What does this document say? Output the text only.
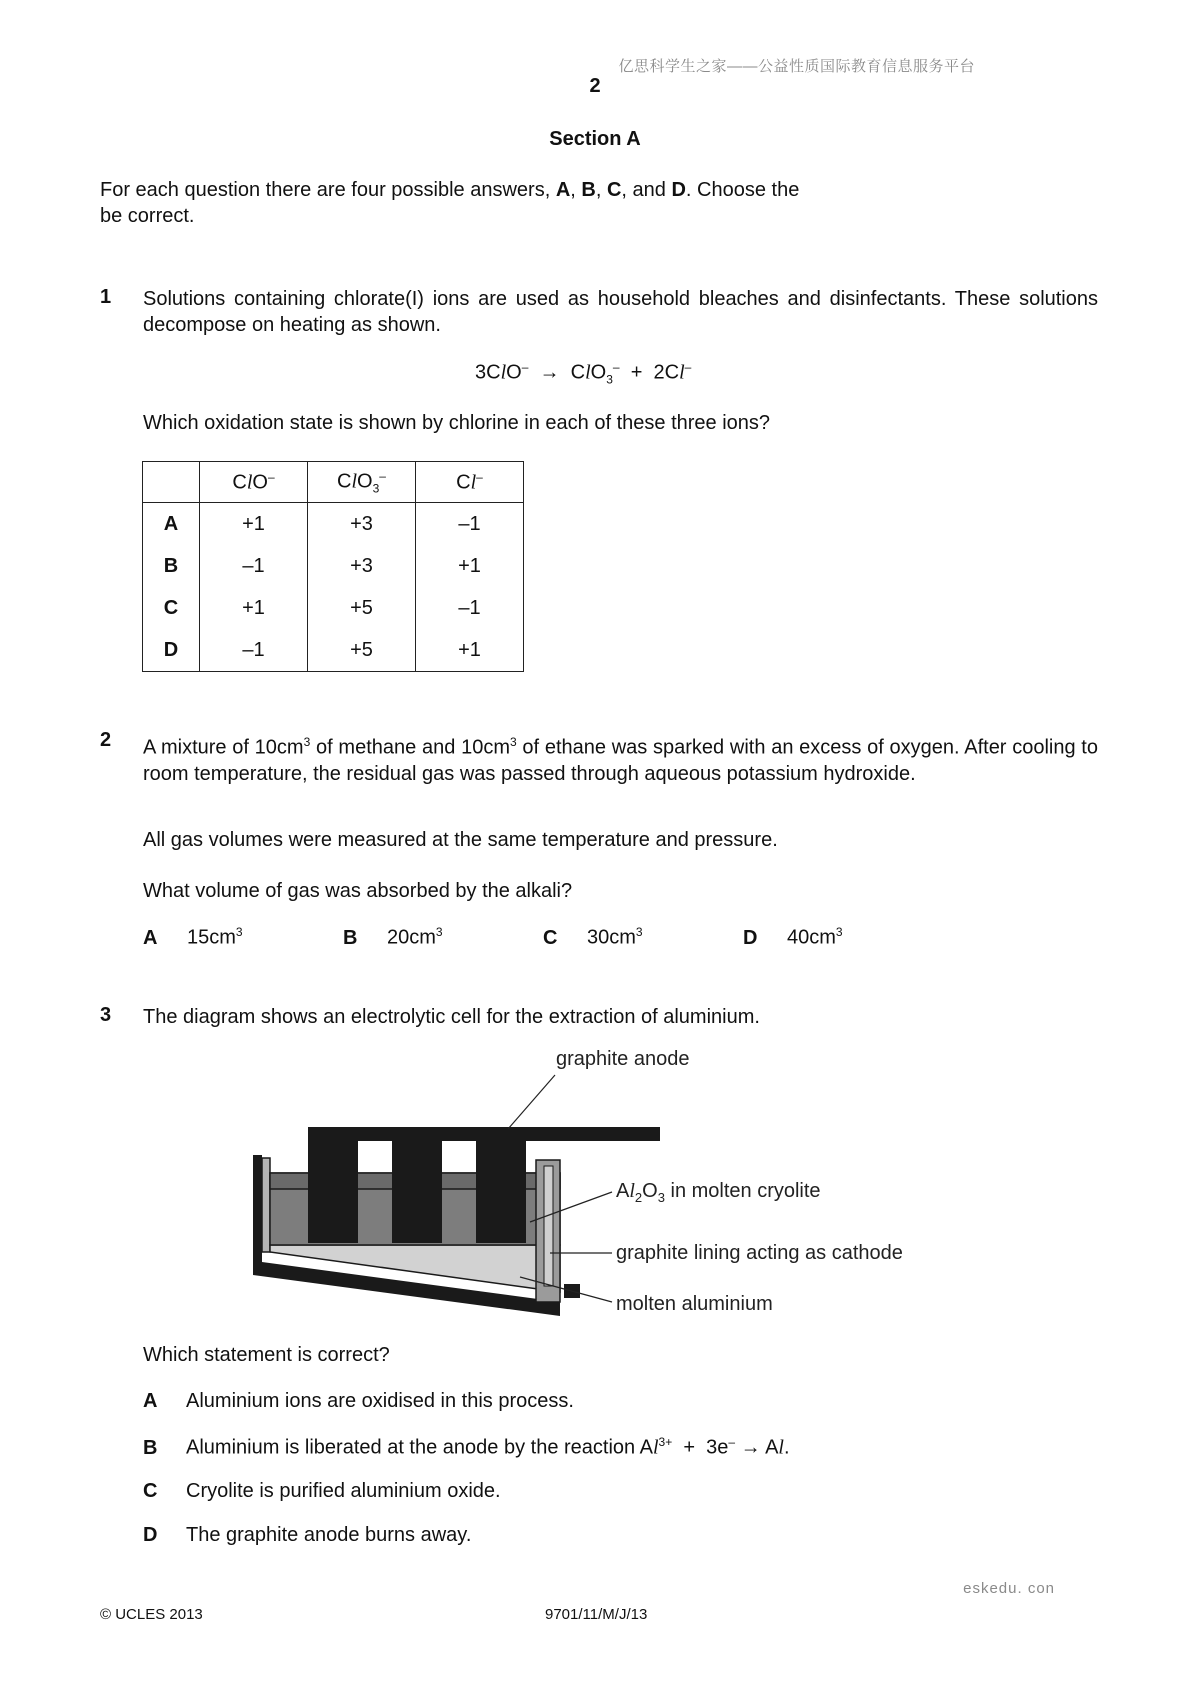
亿思科学生之家——公益性质国际教育信息服务平台
2
Section A
For each question there are four possible answers, A, B, C, and D. Choose the
be correct.
1 Solutions containing chlorate(I) ions are used as household bleaches and disinfectants. These solutions decompose on heating as shown.
3ClO– → ClO$_3$– + 2Cl–
Which oxidation state is shown by chlorine in each of these three ions?
	ClO–	ClO$_3$–	Cl–
A	+1	+3	–1
B	–1	+3	+1
C	+1	+5	–1
D	–1	+5	+1
2 A mixture of $10cm^3$ of methane and $10cm^3$ of ethane was sparked with an excess of oxygen. After cooling to room temperature, the residual gas was passed through aqueous potassium hydroxide.
All gas volumes were measured at the same temperature and pressure.
What volume of gas was absorbed by the alkali?
A $15cm^3$	B $20cm^3$	C $30cm^3$	D $40cm^3$
3 The diagram shows an electrolytic cell for the extraction of aluminium.
graphite anode
$Al_2O_3$ in molten cryolite
graphite lining acting as cathode
molten aluminium
Which statement is correct?
A Aluminium ions are oxidised in this process.
B Aluminium is liberated at the anode by the reaction $Al^{3+} + 3e^- \to Al$.
C Cryolite is purified aluminium oxide.
D The graphite anode burns away.
eskedu. con
© UCLES 2013	9701/11/M/J/13
